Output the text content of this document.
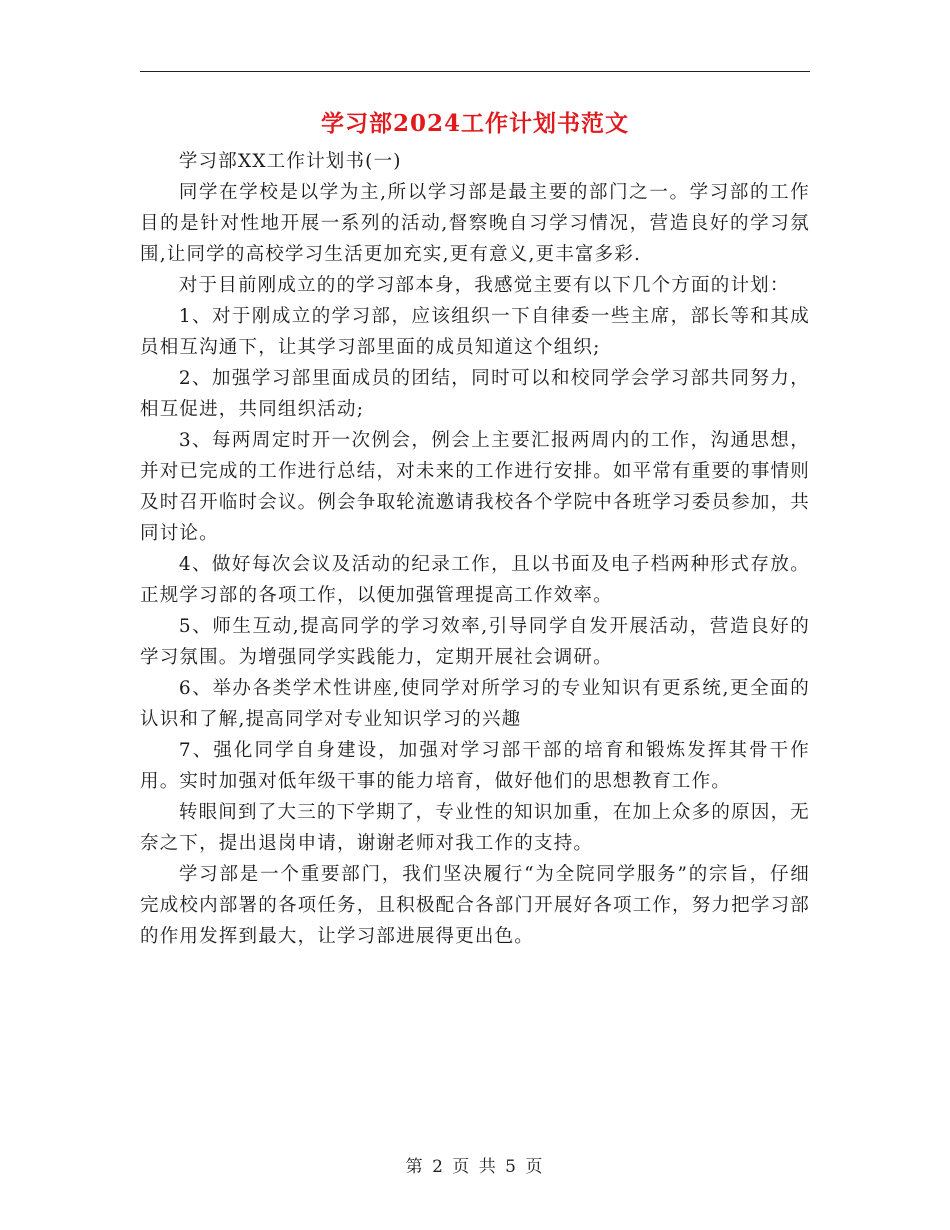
学习部2024工作计划书范文

学习部XX工作计划书(一)

同学在学校是以学为主,所以学习部是最主要的部门之一。学习部的工作目的是针对性地开展一系列的活动,督察晚自习学习情况，营造良好的学习氛围,让同学的高校学习生活更加充实,更有意义,更丰富多彩.

对于目前刚成立的的学习部本身，我感觉主要有以下几个方面的计划：

1、对于刚成立的学习部，应该组织一下自律委一些主席，部长等和其成员相互沟通下，让其学习部里面的成员知道这个组织;

2、加强学习部里面成员的团结，同时可以和校同学会学习部共同努力，相互促进，共同组织活动;

3、每两周定时开一次例会，例会上主要汇报两周内的工作，沟通思想，并对已完成的工作进行总结，对未来的工作进行安排。如平常有重要的事情则及时召开临时会议。例会争取轮流邀请我校各个学院中各班学习委员参加，共同讨论。

4、做好每次会议及活动的纪录工作，且以书面及电子档两种形式存放。正规学习部的各项工作，以便加强管理提高工作效率。

5、师生互动,提高同学的学习效率,引导同学自发开展活动，营造良好的学习氛围。为增强同学实践能力，定期开展社会调研。

6、举办各类学术性讲座,使同学对所学习的专业知识有更系统,更全面的认识和了解,提高同学对专业知识学习的兴趣

7、强化同学自身建设，加强对学习部干部的培育和锻炼发挥其骨干作用。实时加强对低年级干事的能力培育，做好他们的思想教育工作。

转眼间到了大三的下学期了，专业性的知识加重，在加上众多的原因，无奈之下，提出退岗申请，谢谢老师对我工作的支持。

学习部是一个重要部门，我们坚决履行“为全院同学服务”的宗旨，仔细完成校内部署的各项任务，且积极配合各部门开展好各项工作，努力把学习部的作用发挥到最大，让学习部进展得更出色。

第 2 页 共 5 页
